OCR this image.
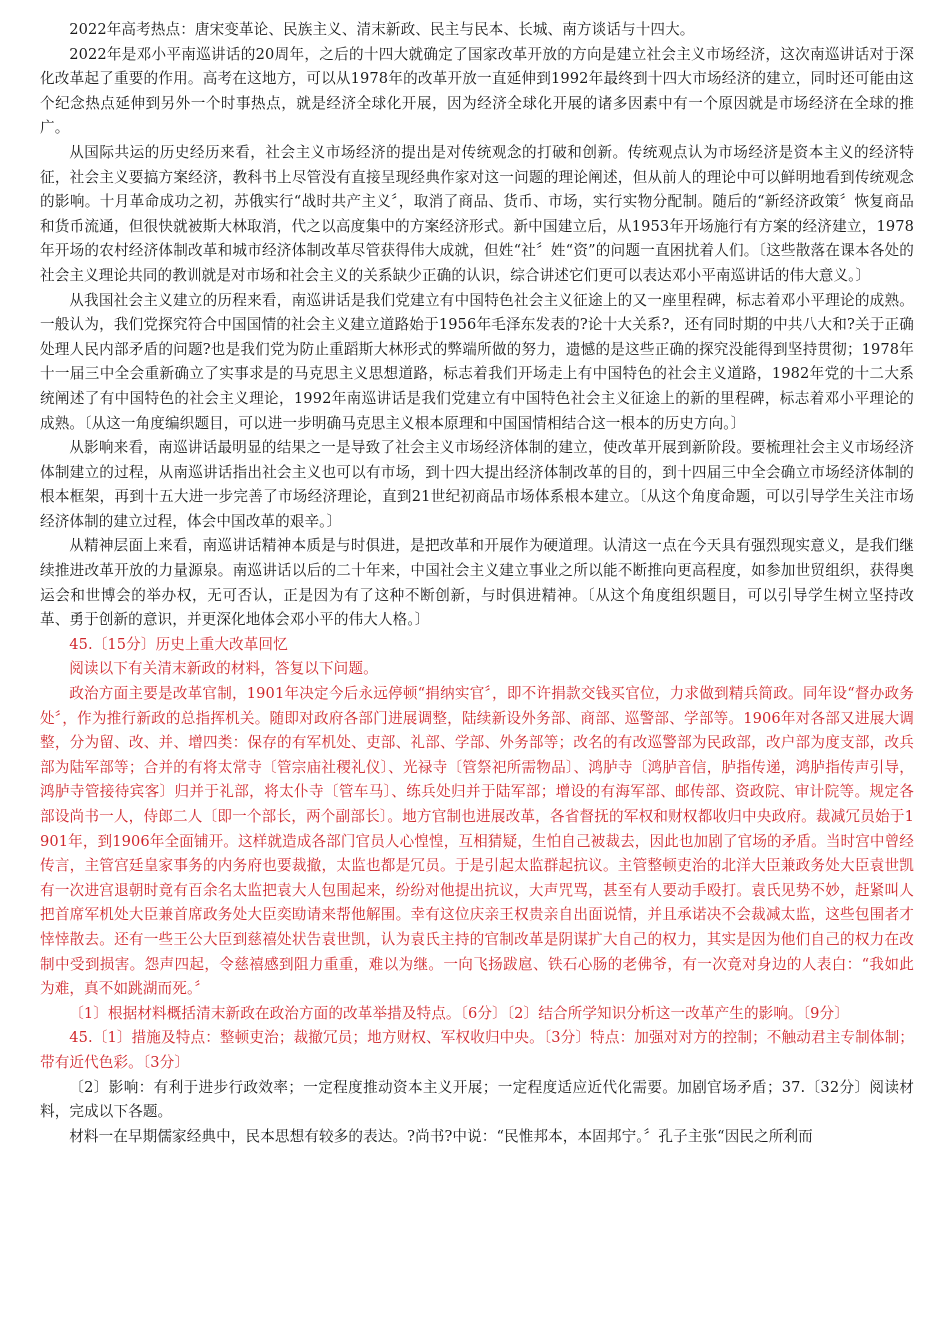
2022年高考热点：唐宋变革论、民族主义、清末新政、民主与民本、长城、南方谈话与十四大。

2022年是邓小平南巡讲话的20周年，之后的十四大就确定了国家改革开放的方向是建立社会主义市场经济，这次南巡讲话对于深化改革起了重要的作用。高考在这地方，可以从1978年的改革开放一直延伸到1992年最终到十四大市场经济的建立，同时还可能由这个纪念热点延伸到另外一个时事热点，就是经济全球化开展，因为经济全球化开展的诸多因素中有一个原因就是市场经济在全球的推广。

从国际共运的历史经历来看，社会主义市场经济的提出是对传统观念的打破和创新。传统观点认为市场经济是资本主义的经济特征，社会主义要搞方案经济，教科书上尽管没有直接呈现经典作家对这一问题的理论阐述，但从前人的理论中可以鲜明地看到传统观念的影响。十月革命成功之初，苏俄实行“战时共产主义〞，取消了商品、货币、市场，实行实物分配制。随后的“新经济政策〞恢复商品和货币流通，但很快就被斯大林取消，代之以高度集中的方案经济形式。新中国建立后，从1953年开场施行有方案的经济建立，1978年开场的农村经济体制改革和城市经济体制改革尽管获得伟大成就，但姓“社〞姓“资”的问题一直困扰着人们。〔这些散落在课本各处的社会主义理论共同的教训就是对市场和社会主义的关系缺少正确的认识，综合讲述它们更可以表达邓小平南巡讲话的伟大意义。〕

从我国社会主义建立的历程来看，南巡讲话是我们党建立有中国特色社会主义征途上的又一座里程碑，标志着邓小平理论的成熟。一般认为，我们党探究符合中国国情的社会主义建立道路始于1956年毛泽东发表的?论十大关系?，还有同时期的中共八大和?关于正确处理人民内部矛盾的问题?也是我们党为防止重蹈斯大林形式的弊端所做的努力，遗憾的是这些正确的探究没能得到坚持贯彻；1978年十一届三中全会重新确立了实事求是的马克思主义思想道路，标志着我们开场走上有中国特色的社会主义道路，1982年党的十二大系统阐述了有中国特色的社会主义理论，1992年南巡讲话是我们党建立有中国特色社会主义征途上的新的里程碑，标志着邓小平理论的成熟。〔从这一角度编织题目，可以进一步明确马克思主义根本原理和中国国情相结合这一根本的历史方向。〕

从影响来看，南巡讲话最明显的结果之一是导致了社会主义市场经济体制的建立，使改革开展到新阶段。要梳理社会主义市场经济体制建立的过程，从南巡讲话指出社会主义也可以有市场，到十四大提出经济体制改革的目的，到十四届三中全会确立市场经济体制的根本框架，再到十五大进一步完善了市场经济理论，直到21世纪初商品市场体系根本建立。〔从这个角度命题，可以引导学生关注市场经济体制的建立过程，体会中国改革的艰辛。〕

从精神层面上来看，南巡讲话精神本质是与时俱进，是把改革和开展作为硬道理。认清这一点在今天具有强烈现实意义，是我们继续推进改革开放的力量源泉。南巡讲话以后的二十年来，中国社会主义建立事业之所以能不断推向更高程度，如参加世贸组织，获得奥运会和世博会的举办权，无可否认，正是因为有了这种不断创新，与时俱进精神。〔从这个角度组织题目，可以引导学生树立坚持改革、勇于创新的意识，并更深化地体会邓小平的伟大人格。〕

45.〔15分〕历史上重大改革回忆

阅读以下有关清末新政的材料，答复以下问题。

政治方面主要是改革官制，1901年决定今后永远停顿“捐纳实官〞，即不许捐款交钱买官位，力求做到精兵简政。同年设“督办政务处〞，作为推行新政的总指挥机关。随即对政府各部门进展调整，陆续新设外务部、商部、巡警部、学部等。1906年对各部又进展大调整，分为留、改、并、增四类：保存的有军机处、吏部、礼部、学部、外务部等；改名的有改巡警部为民政部，改户部为度支部，改兵部为陆军部等；合并的有将太常寺〔管宗庙社稷礼仪〕、光禄寺〔管祭祀所需物品〕、鸿胪寺〔鸿胪音信，胪指传递，鸿胪指传声引导，鸿胪寺管接待宾客〕归并于礼部，将太仆寺〔管车马〕、练兵处归并于陆军部；增设的有海军部、邮传部、资政院、审计院等。规定各部设尚书一人，侍郎二人〔即一个部长，两个副部长〕。地方官制也进展改革，各省督抚的军权和财权都收归中央政府。裁减冗员始于1901年，到1906年全面铺开。这样就造成各部门官员人心惶惶，互相猜疑，生怕自己被裁去，因此也加剧了官场的矛盾。当时宫中曾经传言，主管宫廷皇家事务的内务府也要裁撤，太监也都是冗员。于是引起太监群起抗议。主管整顿吏治的北洋大臣兼政务处大臣袁世凯有一次进宫退朝时竟有百余名太监把袁大人包围起来，纷纷对他提出抗议，大声咒骂，甚至有人要动手殴打。袁氏见势不妙，赶紧叫人把首席军机处大臣兼首席政务处大臣奕劻请来帮他解围。幸有这位庆亲王权贵亲自出面说情，并且承诺决不会裁减太监，这些包围者才悻悻散去。还有一些王公大臣到慈禧处状告袁世凯，认为袁氏主持的官制改革是阴谋扩大自己的权力，其实是因为他们自己的权力在改制中受到损害。怨声四起，令慈禧感到阻力重重，难以为继。一向飞扬跋扈、铁石心肠的老佛爷，有一次竟对身边的人表白：“我如此为难，真不如跳湖而死。〞

〔1〕根据材料概括清末新政在政治方面的改革举措及特点。〔6分〕〔2〕结合所学知识分析这一改革产生的影响。〔9分〕

45.〔1〕措施及特点：整顿吏治；裁撤冗员；地方财权、军权收归中央。〔3分〕特点：加强对对方的控制；不触动君主专制体制；带有近代色彩。〔3分〕

〔2〕影响：有利于进步行政效率；一定程度推动资本主义开展；一定程度适应近代化需要。加剧官场矛盾；37.〔32分〕阅读材料，完成以下各题。

材料一在早期儒家经典中，民本思想有较多的表达。?尚书?中说：“民惟邦本，本固邦宁。〞孔子主张“因民之所利而
